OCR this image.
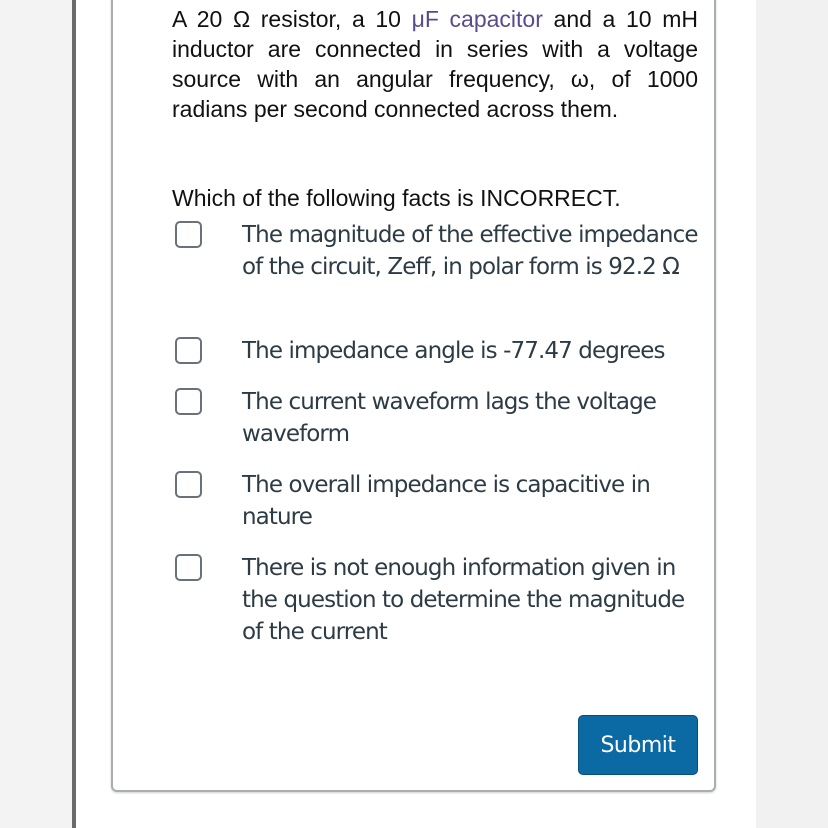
A 20 Ω resistor, a 10 μF capacitor and a 10 mH inductor are connected in series with a voltage source with an angular frequency, ω, of 1000 radians per second connected across them.

Which of the following facts is INCORRECT.

The magnitude of the effective impedance of the circuit, Zeff, in polar form is 92.2 Ω

The impedance angle is -77.47 degrees

The current waveform lags the voltage waveform

The overall impedance is capacitive in nature

There is not enough information given in the question to determine the magnitude of the current

Submit
